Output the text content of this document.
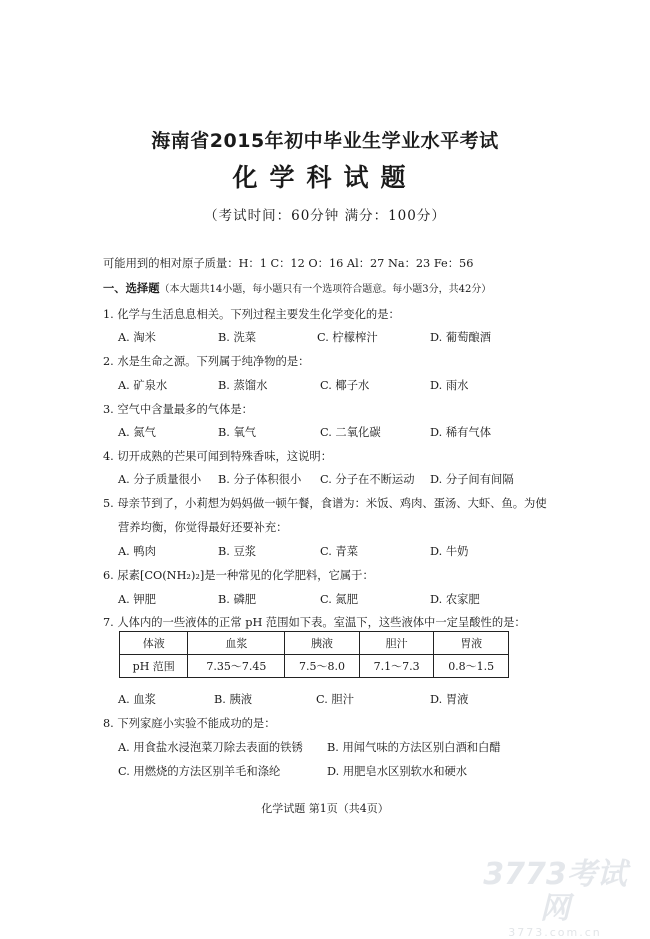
海南省2015年初中毕业生学业水平考试
化学科试题
（考试时间：60分钟 满分：100分）
可能用到的相对原子质量：H：1 C：12 O：16 Al：27 Na：23 Fe：56
一、选择题（本大题共14小题，每小题只有一个选项符合题意。每小题3分，共42分）
1. 化学与生活息息相关。下列过程主要发生化学变化的是：
A. 淘米	B. 洗菜	C. 柠檬榨汁	D. 葡萄酿酒
2. 水是生命之源。下列属于纯净物的是：
A. 矿泉水	B. 蒸馏水	C. 椰子水	D. 雨水
3. 空气中含量最多的气体是：
A. 氮气	B. 氧气	C. 二氧化碳	D. 稀有气体
4. 切开成熟的芒果可闻到特殊香味，这说明：
A. 分子质量很小 B. 分子体积很小 C. 分子在不断运动 D. 分子间有间隔
5. 母亲节到了，小莉想为妈妈做一顿午餐，食谱为：米饭、鸡肉、蛋汤、大虾、鱼。为使
营养均衡，你觉得最好还要补充：
A. 鸭肉	B. 豆浆	C. 青菜	D. 牛奶
6. 尿素[CO(NH₂)₂]是一种常见的化学肥料，它属于：
A. 钾肥	B. 磷肥	C. 氮肥	D. 农家肥
7. 人体内的一些液体的正常 pH 范围如下表。室温下，这些液体中一定呈酸性的是：
体液	血浆	胰液	胆汁	胃液
pH 范围	7.35～7.45	7.5～8.0	7.1～7.3	0.8～1.5
A. 血浆	B. 胰液	C. 胆汁	D. 胃液
8. 下列家庭小实验不能成功的是：
A. 用食盐水浸泡菜刀除去表面的铁锈 B. 用闻气味的方法区别白酒和白醋
C. 用燃烧的方法区别羊毛和涤纶	D. 用肥皂水区别软水和硬水
化学试题 第1页（共4页）
3773考试网
3773.com.cn
